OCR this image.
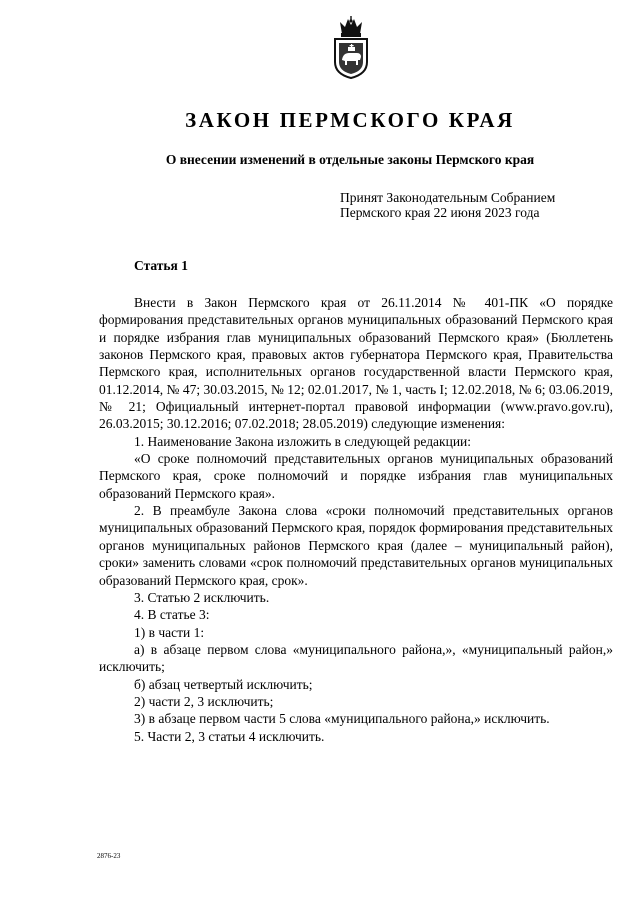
ЗАКОН ПЕРМСКОГО КРАЯ
О внесении изменений в отдельные законы Пермского края
Принят Законодательным Собранием
Пермского края 22 июня 2023 года
Статья 1

Внести в Закон Пермского края от 26.11.2014 № 401-ПК «О порядке формирования представительных органов муниципальных образований Пермского края и порядке избрания глав муниципальных образований Пермского края» (Бюллетень законов Пермского края, правовых актов губернатора Пермского края, Правительства Пермского края, исполнительных органов государственной власти Пермского края, 01.12.2014, № 47; 30.03.2015, № 12; 02.01.2017, № 1, часть I; 12.02.2018, № 6; 03.06.2019, № 21; Официальный интернет-портал правовой информации (www.pravo.gov.ru), 26.03.2015; 30.12.2016; 07.02.2018; 28.05.2019) следующие изменения:

1. Наименование Закона изложить в следующей редакции:

«О сроке полномочий представительных органов муниципальных образований Пермского края, сроке полномочий и порядке избрания глав муниципальных образований Пермского края».

2. В преамбуле Закона слова «сроки полномочий представительных органов муниципальных образований Пермского края, порядок формирования представительных органов муниципальных районов Пермского края (далее – муниципальный район), сроки» заменить словами «срок полномочий представительных органов муниципальных образований Пермского края, срок».

3. Статью 2 исключить.

4. В статье 3:

1) в части 1:

а) в абзаце первом слова «муниципального района,», «муниципальный район,» исключить;

б) абзац четвертый исключить;

2) части 2, 3 исключить;

3) в абзаце первом части 5 слова «муниципального района,» исключить.

5. Части 2, 3 статьи 4 исключить.

2876-23
